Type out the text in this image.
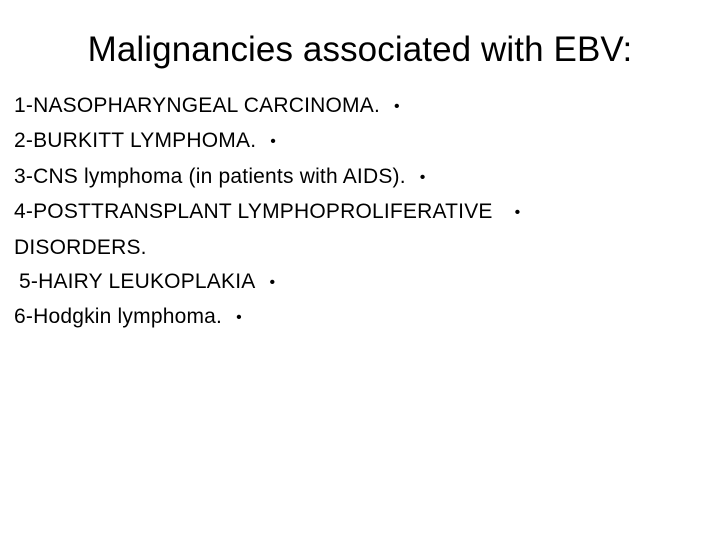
Malignancies associated with EBV:
1-NASOPHARYNGEAL CARCINOMA. •
2-BURKITT LYMPHOMA. •
3-CNS lymphoma (in patients with AIDS). •
4-POSTTRANSPLANT LYMPHOPROLIFERATIVE •
DISORDERS.
5-HAIRY LEUKOPLAKIA •
6-Hodgkin lymphoma. •
